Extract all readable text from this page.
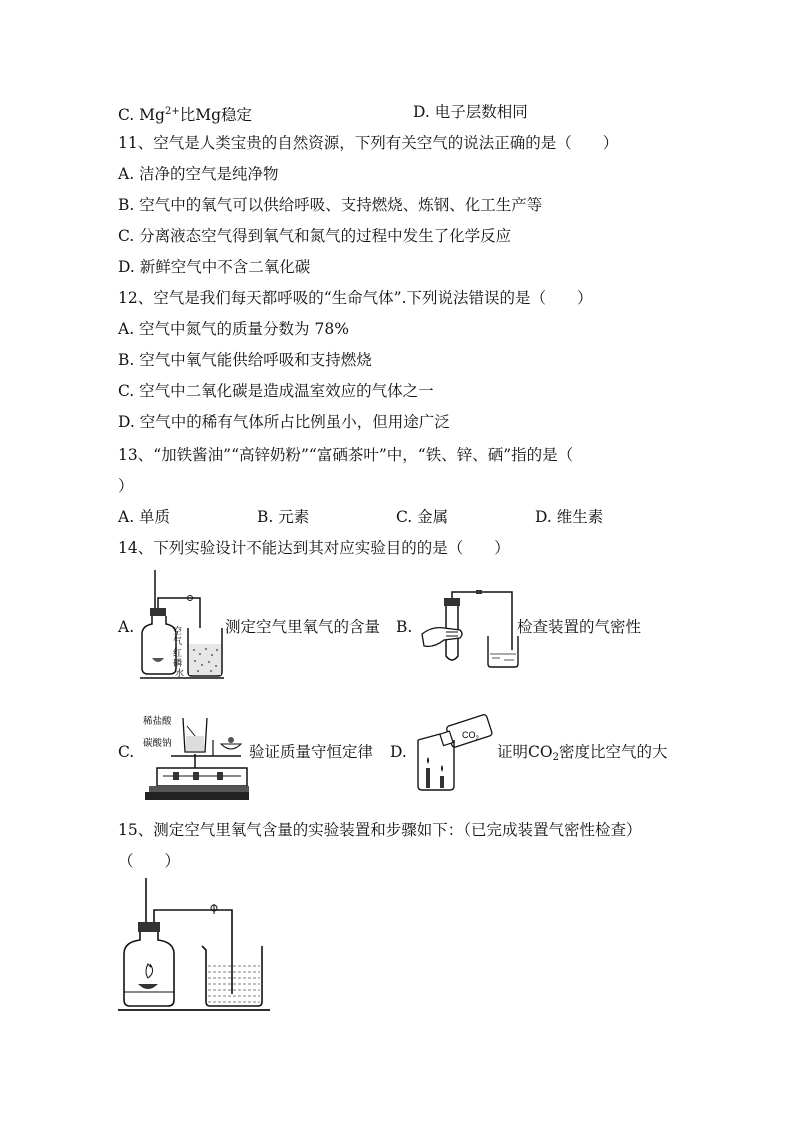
C. $Mg^{2+}$比Mg稳定	D. 电子层数相同
11、空气是人类宝贵的自然资源，下列有关空气的说法正确的是（　　）
A. 洁净的空气是纯净物
B. 空气中的氧气可以供给呼吸、支持燃烧、炼钢、化工生产等
C. 分离液态空气得到氧气和氮气的过程中发生了化学反应
D. 新鲜空气中不含二氧化碳
12、空气是我们每天都呼吸的“生命气体”.下列说法错误的是（　　）
A. 空气中氮气的质量分数为 78%
B. 空气中氧气能供给呼吸和支持燃烧
C. 空气中二氧化碳是造成温室效应的气体之一
D. 空气中的稀有气体所占比例虽小，但用途广泛
13、“加铁酱油”“高锌奶粉”“富硒茶叶”中，“铁、锌、硒”指的是（
）
A. 单质	B. 元素	C. 金属	D. 维生素
14、下列实验设计不能达到其对应实验目的的是（　　）
A.	空
气
红
磷
水
测定空气里氧气的含量 B.	检查装置的气密性
C.
稀盐酸
碳酸钠	验证质量守恒定律 D.
$CO_2$
证明$CO_2$密度比空气的大
15、测定空气里氧气含量的实验装置和步骤如下：（已完成装置气密性检查）
（　　）
